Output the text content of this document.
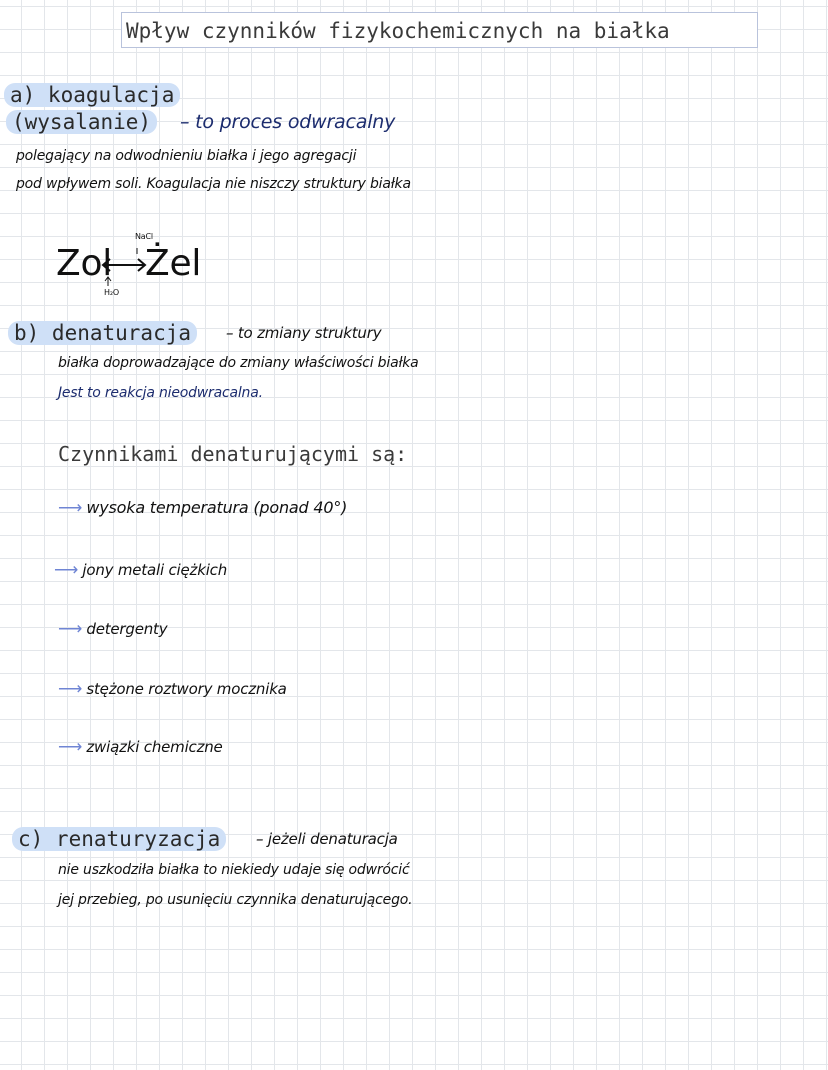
Wpływ czynników fizykochemicznych na białka
a) koagulacja
(wysalanie)	– to proces odwracalny
polegający na odwodnieniu białka i jego agregacji
pod wpływem soli. Koagulacja nie niszczy struktury białka
Zol Żel
NaCl
H₂O
b) denaturacja	– to zmiany struktury
białka doprowadzające do zmiany właściwości białka
Jest to reakcja nieodwracalna.
Czynnikami denaturującymi są:
⟶ wysoka temperatura (ponad 40°)
⟶ jony metali ciężkich
⟶ detergenty
⟶ stężone roztwory mocznika
⟶ związki chemiczne
c) renaturyzacja	– jeżeli denaturacja
nie uszkodziła białka to niekiedy udaje się odwrócić
jej przebieg, po usunięciu czynnika denaturującego.
